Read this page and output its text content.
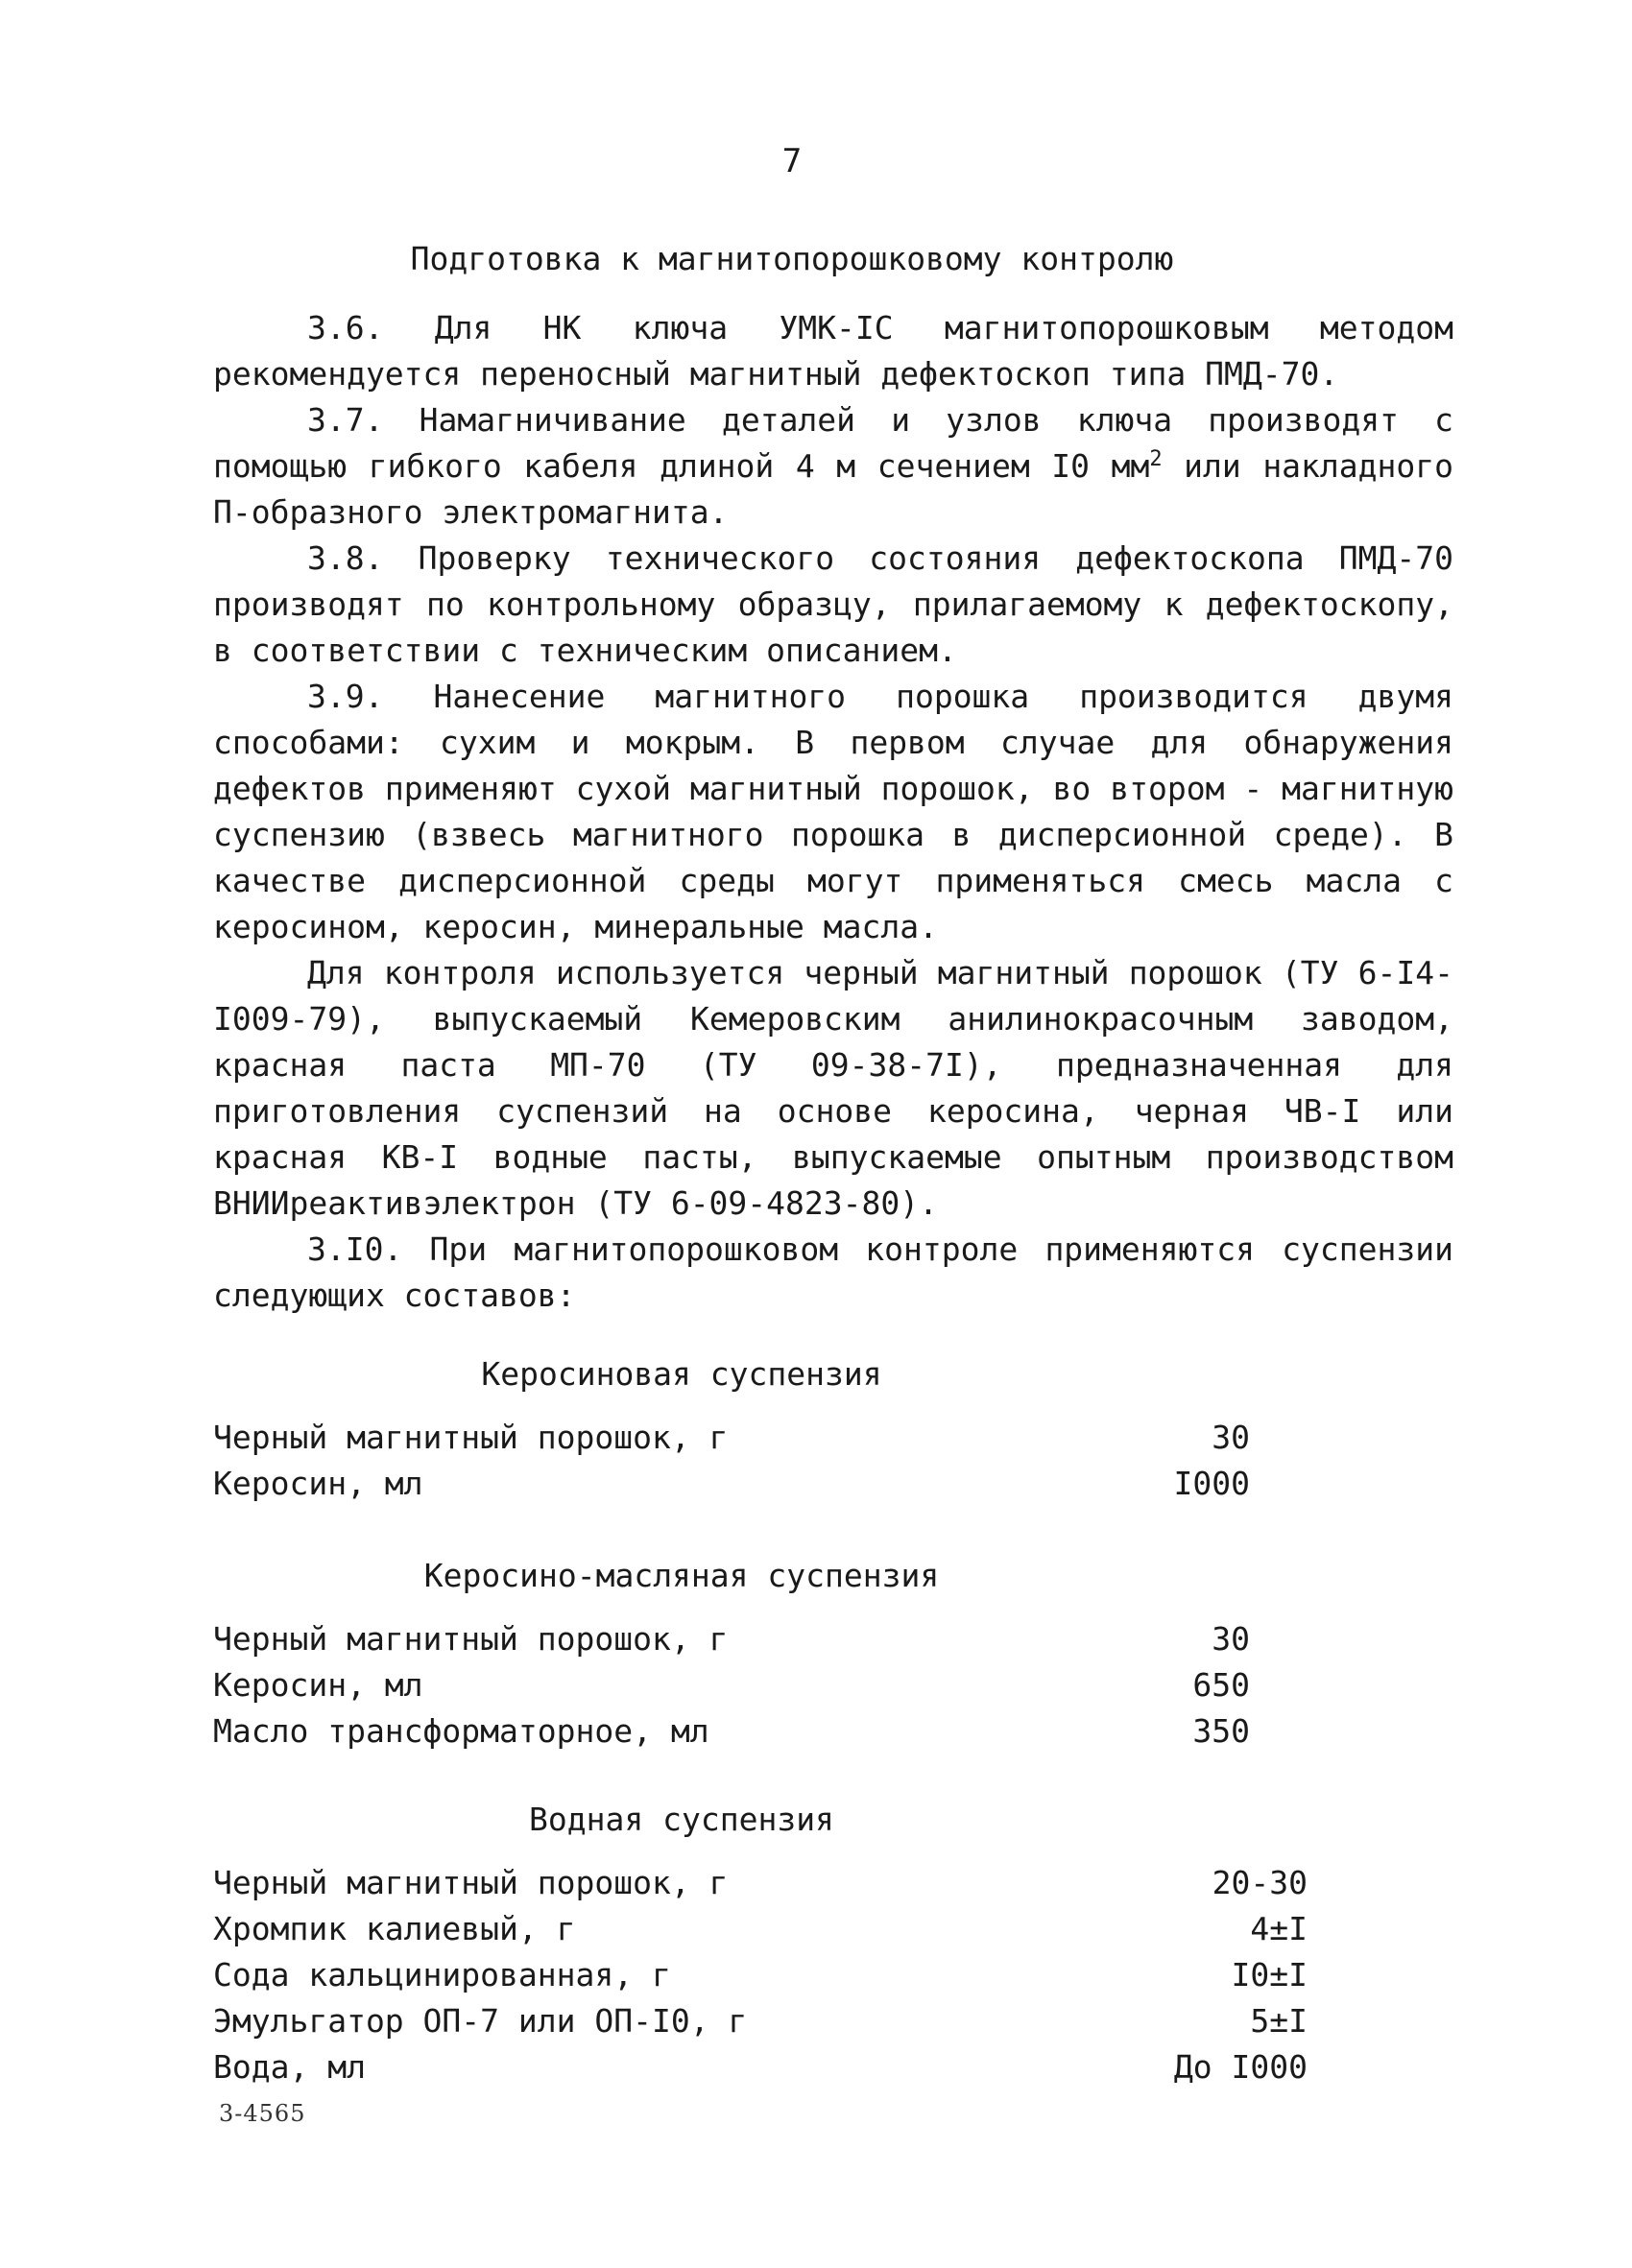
7
Подготовка к магнитопорошковому контролю

3.6. Для НК ключа УМК-IС магнитопорошковым методом рекомендуется переносный магнитный дефектоскоп типа ПМД-70.

3.7. Намагничивание деталей и узлов ключа производят с помощью гибкого кабеля длиной 4 м сечением I0 $мм^2$ или накладного П-образного электромагнита.

3.8. Проверку технического состояния дефектоскопа ПМД-70 производят по контрольному образцу, прилагаемому к дефектоскопу, в соответствии с техническим описанием.

3.9. Нанесение магнитного порошка производится двумя способами: сухим и мокрым. В первом случае для обнаружения дефектов применяют сухой магнитный порошок, во втором - магнитную суспензию (взвесь магнитного порошка в дисперсионной среде). В качестве дисперсионной среды могут применяться смесь масла с керосином, керосин, минеральные масла.

Для контроля используется черный магнитный порошок (ТУ 6-I4-I009-79), выпускаемый Кемеровским анилинокрасочным заводом, красная паста МП-70 (ТУ 09-38-7I), предназначенная для приготовления суспензий на основе керосина, черная ЧВ-I или красная КВ-I водные пасты, выпускаемые опытным производством ВНИИреактивэлектрон (ТУ 6-09-4823-80).

3.I0. При магнитопорошковом контроле применяются суспензии следующих составов:

Керосиновая суспензия
Черный магнитный порошок, г	30
Керосин, мл	I000
Керосино-масляная суспензия
Черный магнитный порошок, г	30
Керосин, мл	650
Масло трансформаторное, мл	350
Водная суспензия
Черный магнитный порошок, г	20-30
Хромпик калиевый, г	4±I
Сода кальцинированная, г	I0±I
Эмульгатор ОП-7 или ОП-I0, г	5±I
Вода, мл	До I000
3-4565
